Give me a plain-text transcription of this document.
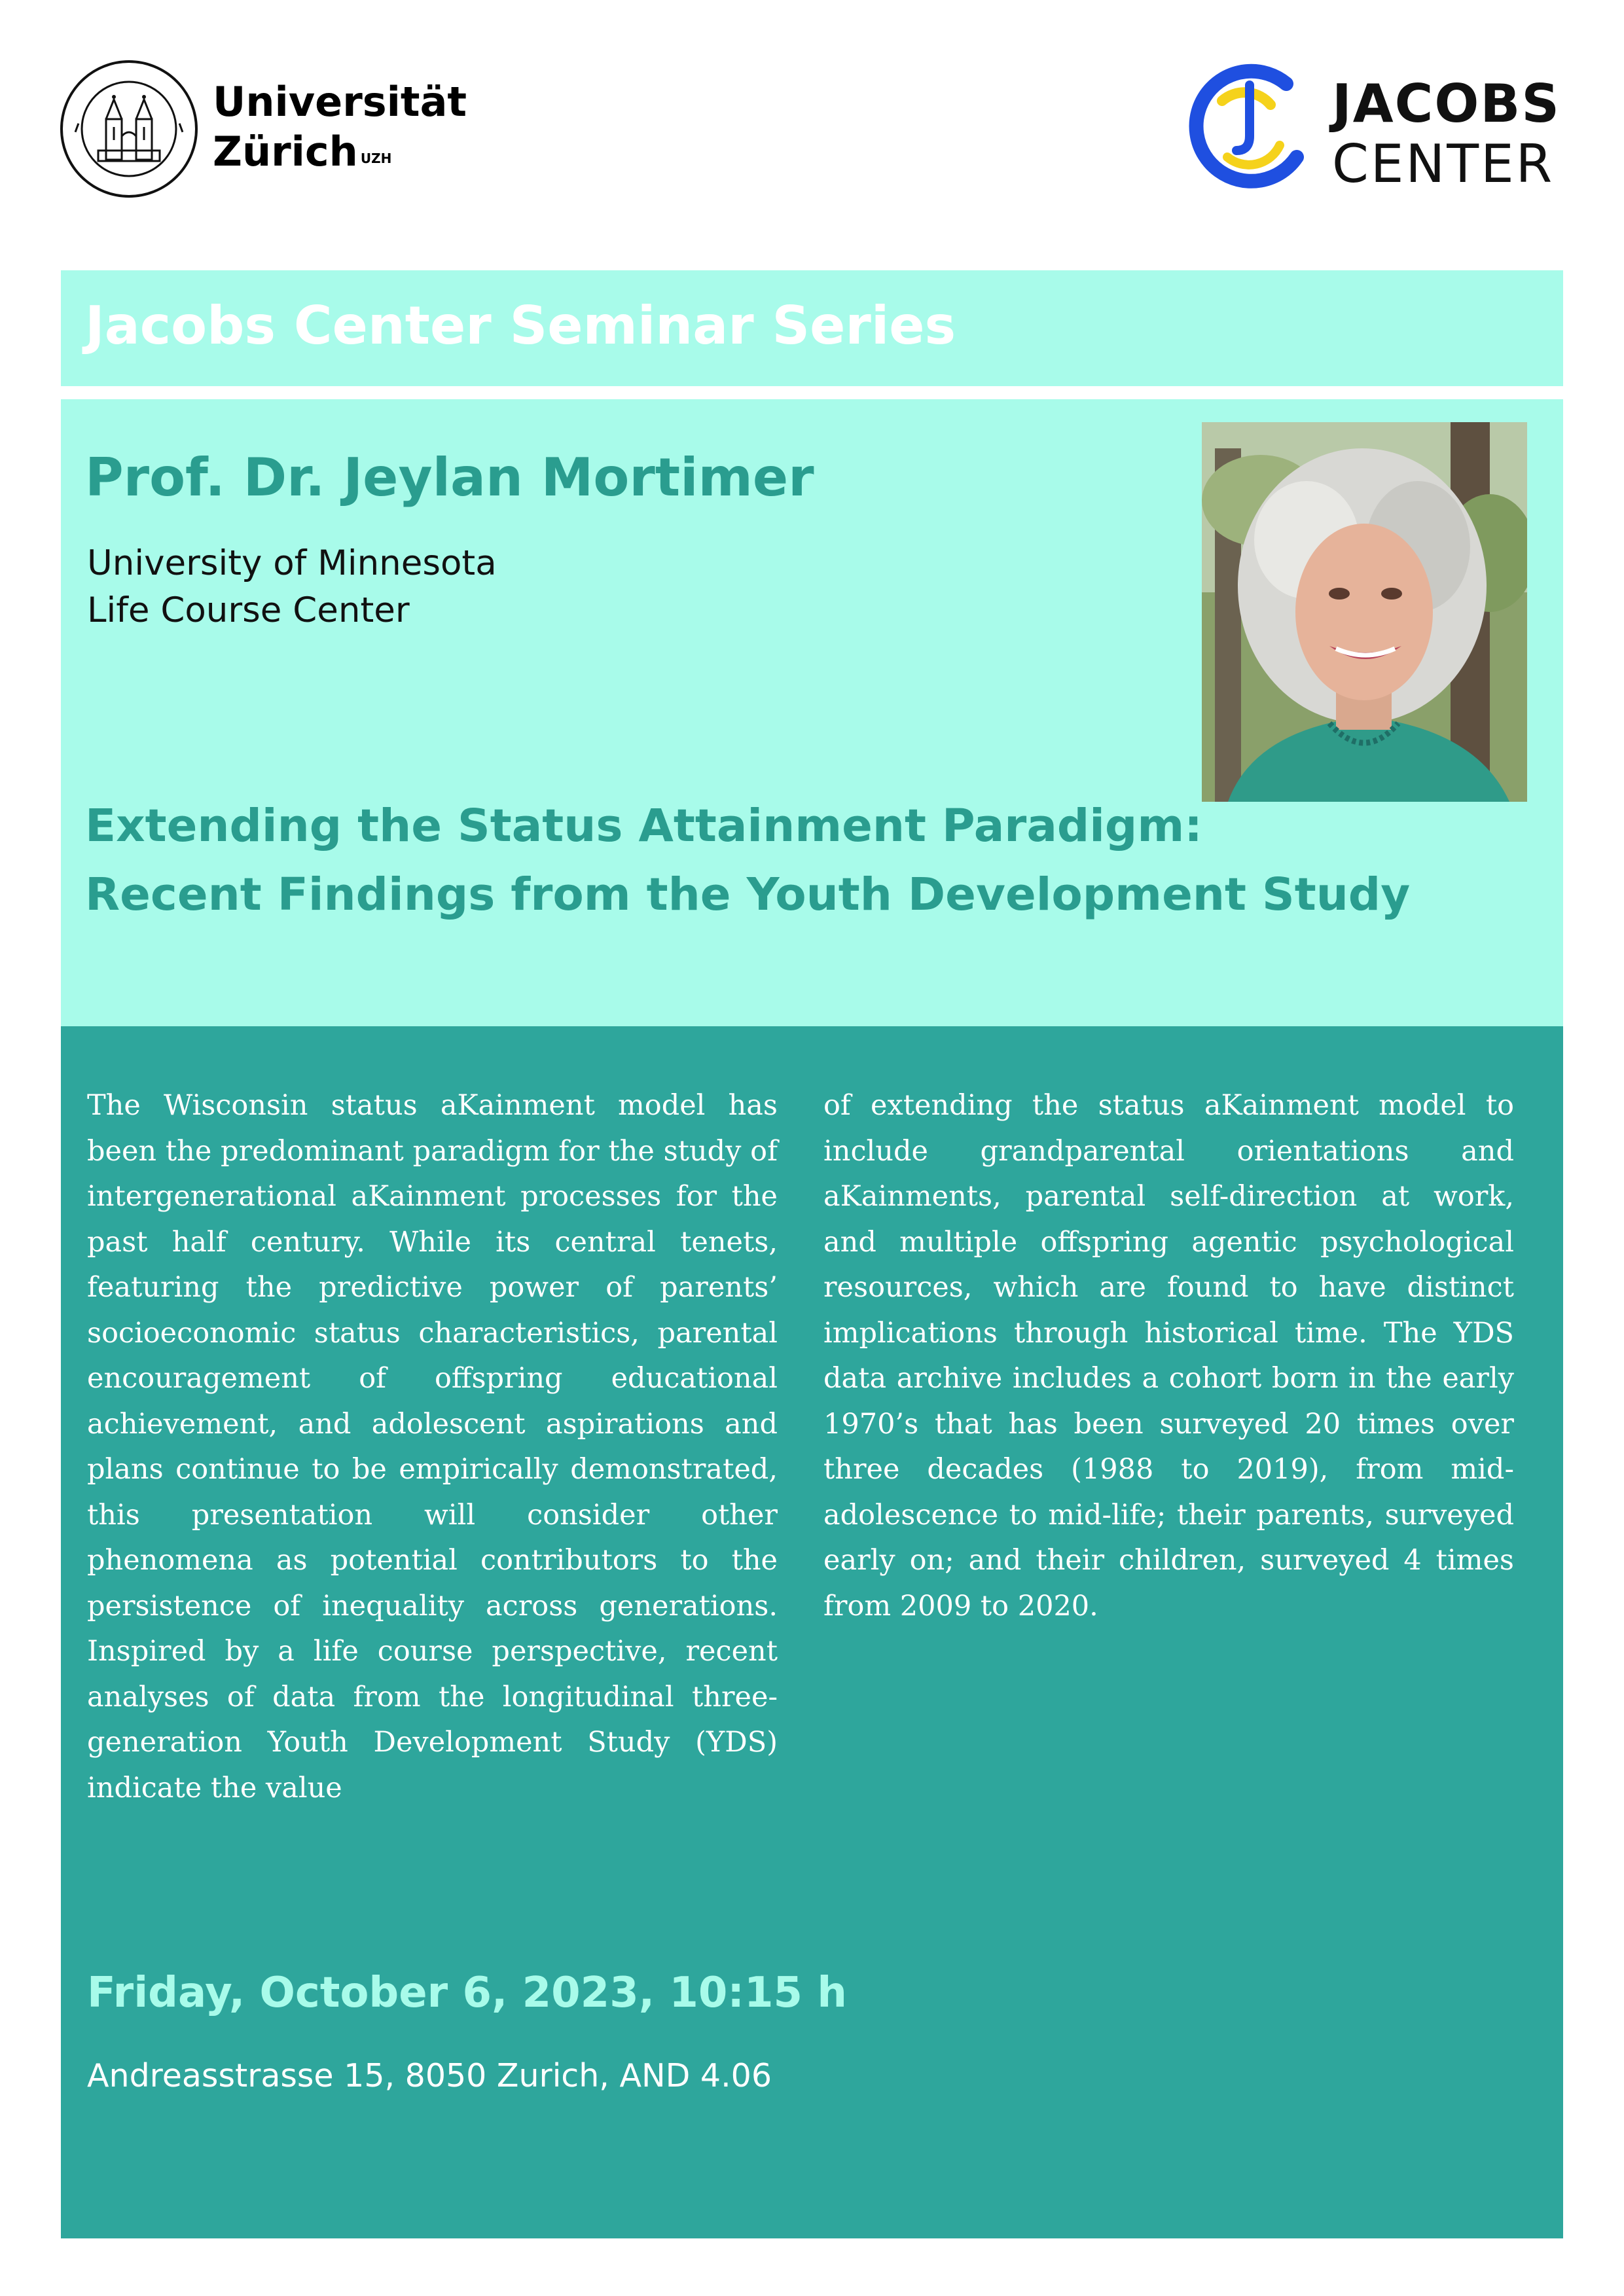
Universität
Zürich $^{UZH}$
JACOBS
CENTER
Jacobs Center Seminar Series
Prof. Dr. Jeylan Mortimer
University of Minnesota
Life Course Center
Extending the Status Attainment Paradigm:
Recent Findings from the Youth Development Study
The Wisconsin status aKainment model has been the predominant paradigm for the study of intergenerational aKainment processes for the past half century. While its central tenets, featuring the predictive power of parents’ socioeconomic status characteristics, parental encouragement of offspring educational achievement, and adolescent aspirations and plans continue to be empirically demonstrated, this presentation will consider other phenomena as potential contributors to the persistence of inequality across generations. Inspired by a life course perspective, recent analyses of data from the longitudinal three-generation Youth Development Study (YDS) indicate the value
of extending the status aKainment model to include grandparental orientations and aKainments, parental self-direction at work, and multiple offspring agentic psychological resources, which are found to have distinct implications through historical time. The YDS data archive includes a cohort born in the early 1970’s that has been surveyed 20 times over three decades (1988 to 2019), from mid-adolescence to mid-life; their parents, surveyed early on; and their children, surveyed 4 times from 2009 to 2020.
Friday, October 6, 2023, 10:15 h
Andreasstrasse 15, 8050 Zurich, AND 4.06
